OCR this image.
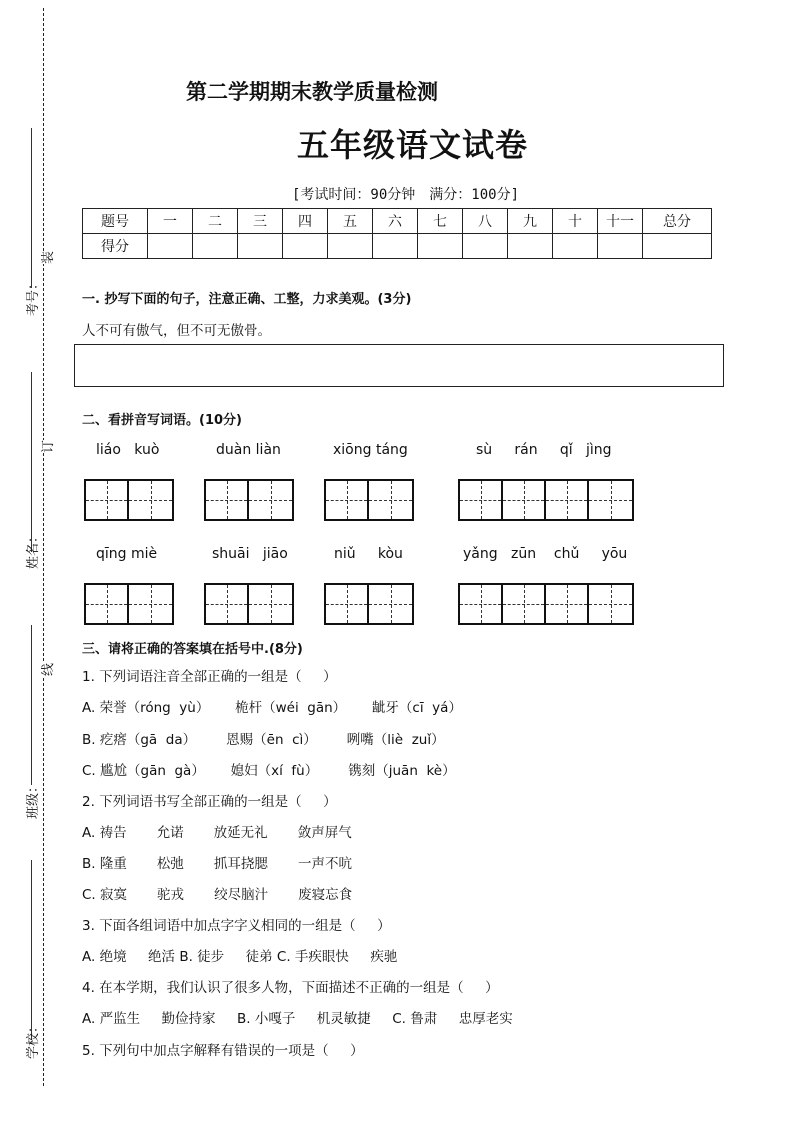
考号：
姓名：
班级：
学校：
装
订
线
第二学期期末教学质量检测
五年级语文试卷
[考试时间：90分钟　满分：100分]
题号	一	二	三	四	五	六	七	八	九	十	十一	总分
得分												
一. 抄写下面的句子，注意正确、工整，力求美观。(3分)
人不可有傲气，但不可无傲骨。
二、看拼音写词语。(10分)
liáo   kuò	duàn liàn	xiōng táng	sù     rán     qǐ   jìng
qīng miè	shuāi   jiāo	niǔ     kòu	yǎng   zūn    chǔ     yōu
三、请将正确的答案填在括号中.(8分)
1. 下列词语注音全部正确的一组是（     ）
A. 荣誉（róng  yù）      桅杆（wéi  gān）      龇牙（cī  yá）
B. 疙瘩（gā  da）       恩赐（ēn  cì）       咧嘴（liè  zuǐ）
C. 尴尬（gān  gà）      媳妇（xí  fù）       镌刻（juān  kè）
2. 下列词语书写全部正确的一组是（     ）
A. 祷告       允诺       放延无礼       敛声屏气
B. 隆重       松弛       抓耳挠腮       一声不吭
C. 寂寞       驼戎       绞尽脑汁       废寝忘食
3. 下面各组词语中加点字字义相同的一组是（     ）
A. 绝境     绝活 B. 徒步     徒弟 C. 手疾眼快     疾驰
4. 在本学期，我们认识了很多人物，下面描述不正确的一组是（     ）
A. 严监生     勤俭持家     B. 小嘎子     机灵敏捷     C. 鲁肃     忠厚老实
5. 下列句中加点字解释有错误的一项是（     ）
